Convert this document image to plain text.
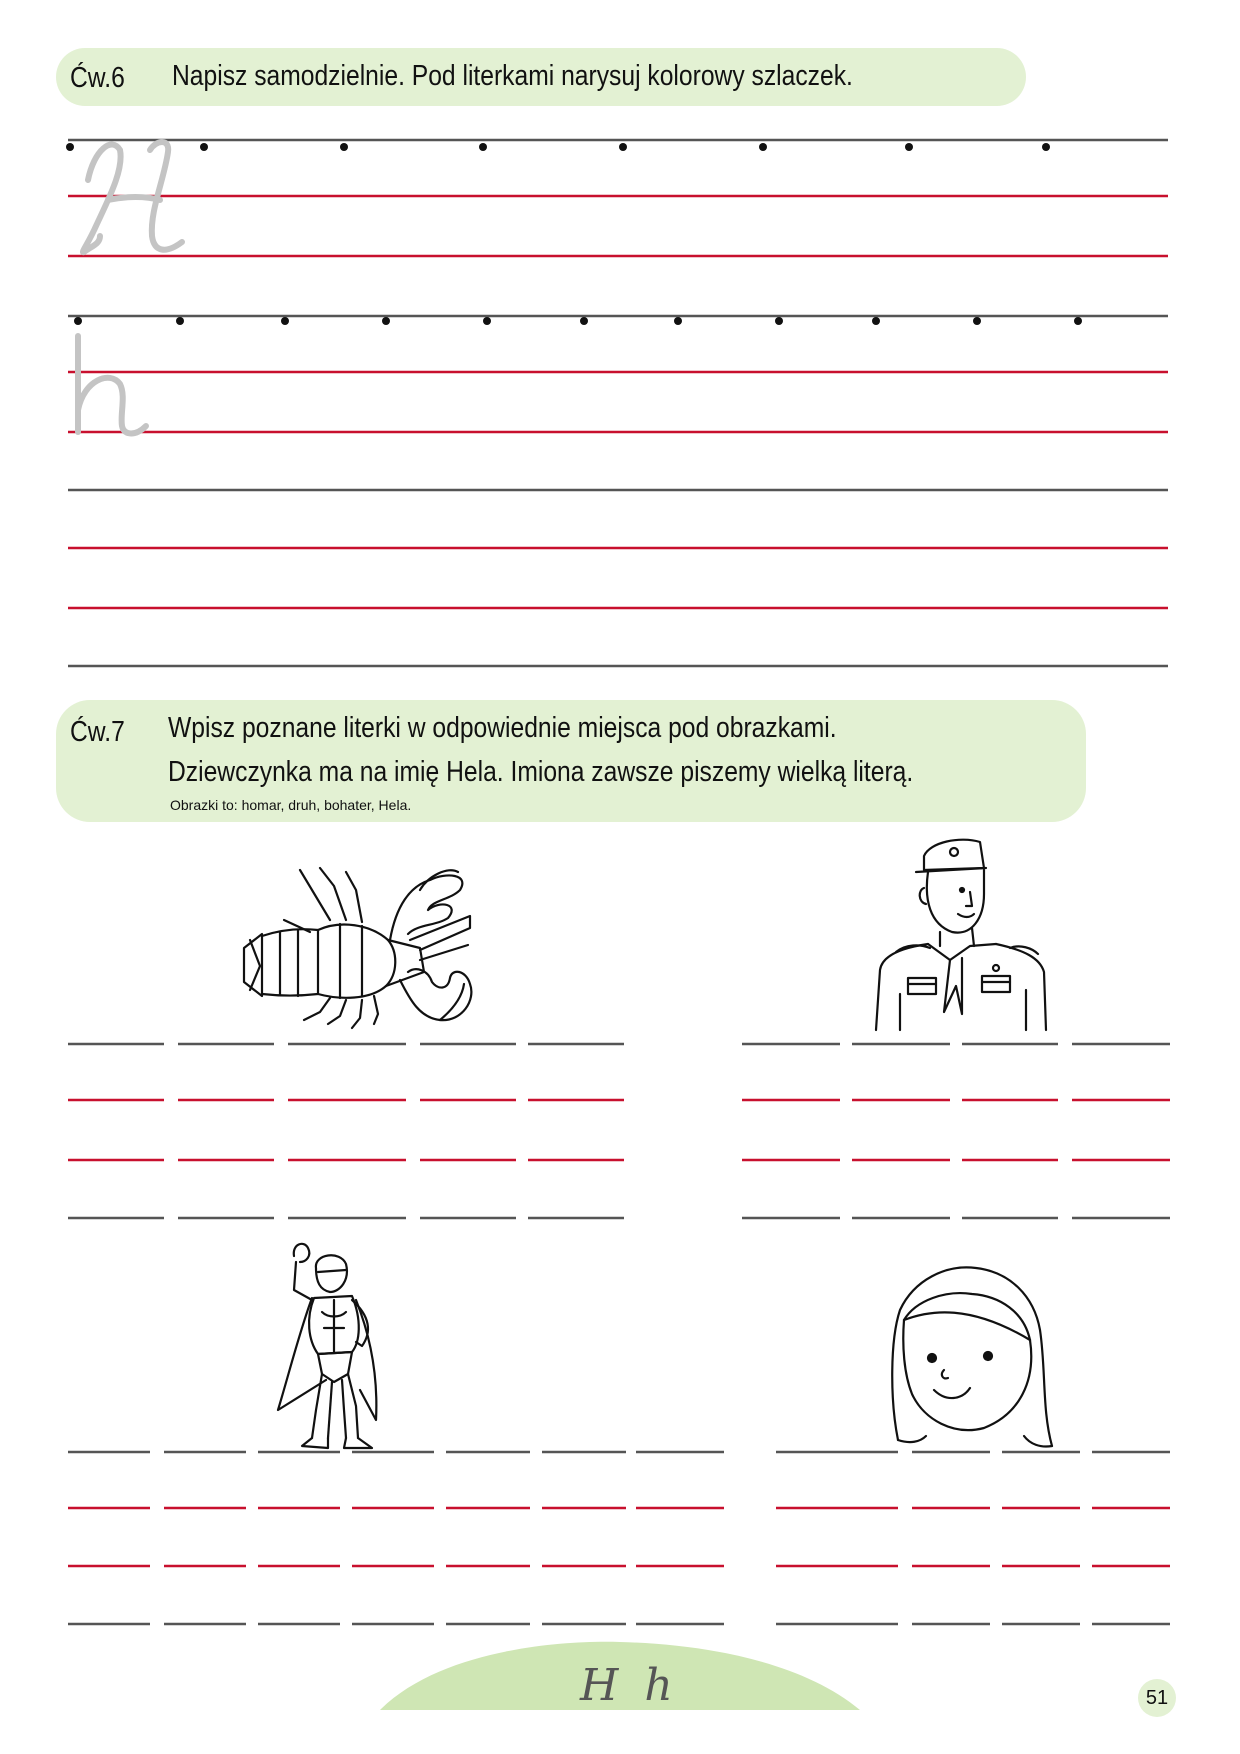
Ćw.6 Napisz samodzielnie. Pod literkami narysuj kolorowy szlaczek.
Ćw.7 Wpisz poznane literki w odpowiednie miejsca pod obrazkami.
Dziewczynka ma na imię Hela. Imiona zawsze piszemy wielką literą.
Obrazki to: homar, druh, bohater, Hela.
H h	51
